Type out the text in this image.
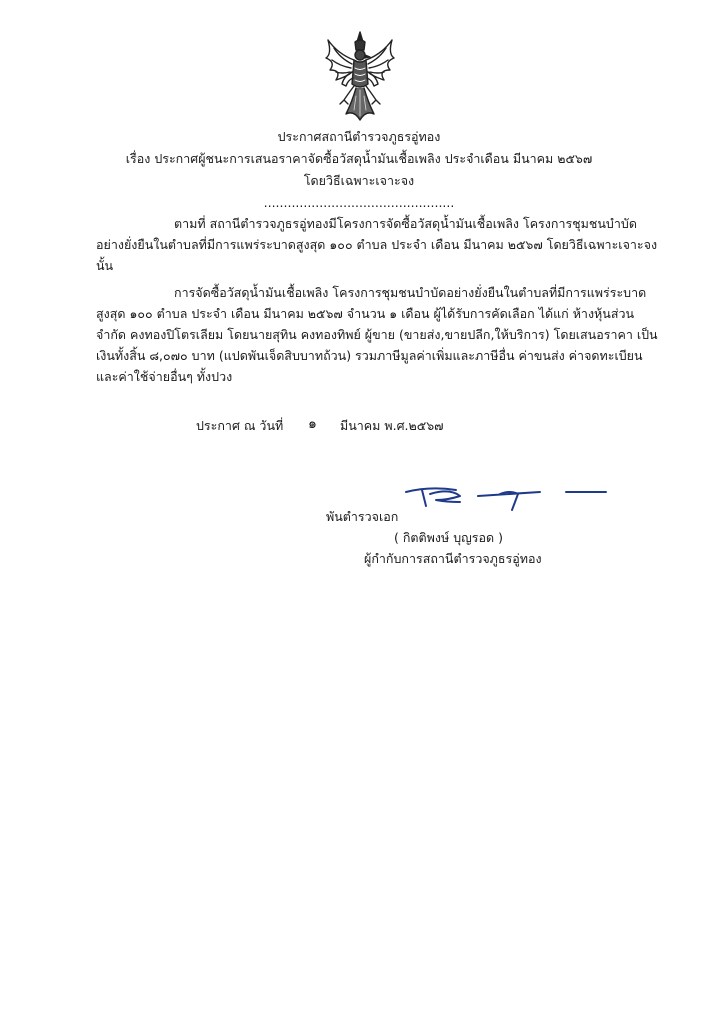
ประกาศสถานีตำรวจภูธรอู่ทอง
เรื่อง ประกาศผู้ชนะการเสนอราคาจัดซื้อวัสดุน้ำมันเชื้อเพลิง ประจำเดือน มีนาคม ๒๕๖๗
โดยวิธีเฉพาะเจาะจง
................................................
ตามที่ สถานีตำรวจภูธรอู่ทองมีโครงการจัดซื้อวัสดุน้ำมันเชื้อเพลิง โครงการชุมชนบำบัด
อย่างยั่งยืนในตำบลที่มีการแพร่ระบาดสูงสุด ๑๐๐ ตำบล ประจำ เดือน มีนาคม ๒๕๖๗ โดยวิธีเฉพาะเจาะจง
นั้น
การจัดซื้อวัสดุน้ำมันเชื้อเพลิง โครงการชุมชนบำบัดอย่างยั่งยืนในตำบลที่มีการแพร่ระบาด
สูงสุด ๑๐๐ ตำบล ประจำ เดือน มีนาคม ๒๕๖๗ จำนวน ๑ เดือน ผู้ได้รับการคัดเลือก ได้แก่ ห้างหุ้นส่วน
จำกัด คงทองปิโตรเลียม โดยนายสุทิน คงทองทิพย์ ผู้ขาย (ขายส่ง,ขายปลีก,ให้บริการ) โดยเสนอราคา เป็น
เงินทั้งสิ้น ๘,๐๗๐ บาท (แปดพันเจ็ดสิบบาทถ้วน) รวมภาษีมูลค่าเพิ่มและภาษีอื่น ค่าขนส่ง ค่าจดทะเบียน
และค่าใช้จ่ายอื่นๆ ทั้งปวง
ประกาศ ณ วันที่ ๑ มีนาคม พ.ศ.๒๕๖๗
พันตำรวจเอก
( กิตติพงษ์ บุญรอด )
ผู้กำกับการสถานีตำรวจภูธรอู่ทอง
